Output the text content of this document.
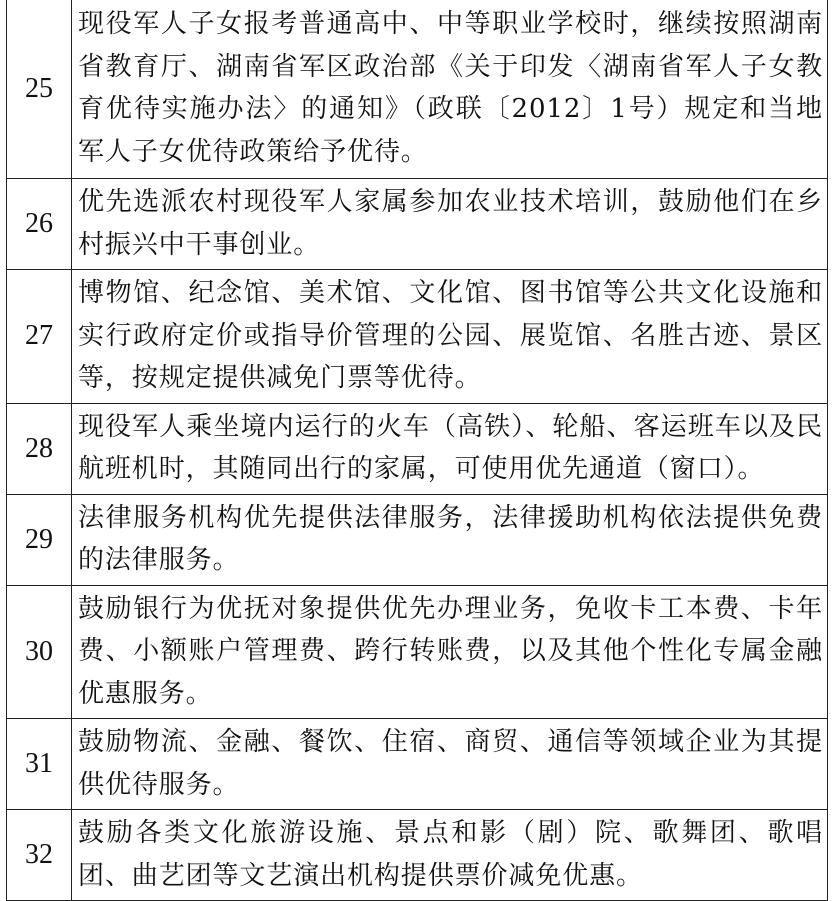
25	现役军人子女报考普通高中、中等职业学校时，继续按照湖南省教育厅、湖南省军区政治部《关于印发〈湖南省军人子女教育优待实施办法〉的通知》（政联〔2012〕1号）规定和当地军人子女优待政策给予优待。

26	优先选派农村现役军人家属参加农业技术培训，鼓励他们在乡村振兴中干事创业。

27	博物馆、纪念馆、美术馆、文化馆、图书馆等公共文化设施和实行政府定价或指导价管理的公园、展览馆、名胜古迹、景区等，按规定提供减免门票等优待。

28	现役军人乘坐境内运行的火车（高铁）、轮船、客运班车以及民航班机时，其随同出行的家属，可使用优先通道（窗口）。

29	法律服务机构优先提供法律服务，法律援助机构依法提供免费的法律服务。

30	鼓励银行为优抚对象提供优先办理业务，免收卡工本费、卡年费、小额账户管理费、跨行转账费，以及其他个性化专属金融优惠服务。

31	鼓励物流、金融、餐饮、住宿、商贸、通信等领域企业为其提供优待服务。

32	鼓励各类文化旅游设施、景点和影（剧）院、歌舞团、歌唱团、曲艺团等文艺演出机构提供票价减免优惠。
